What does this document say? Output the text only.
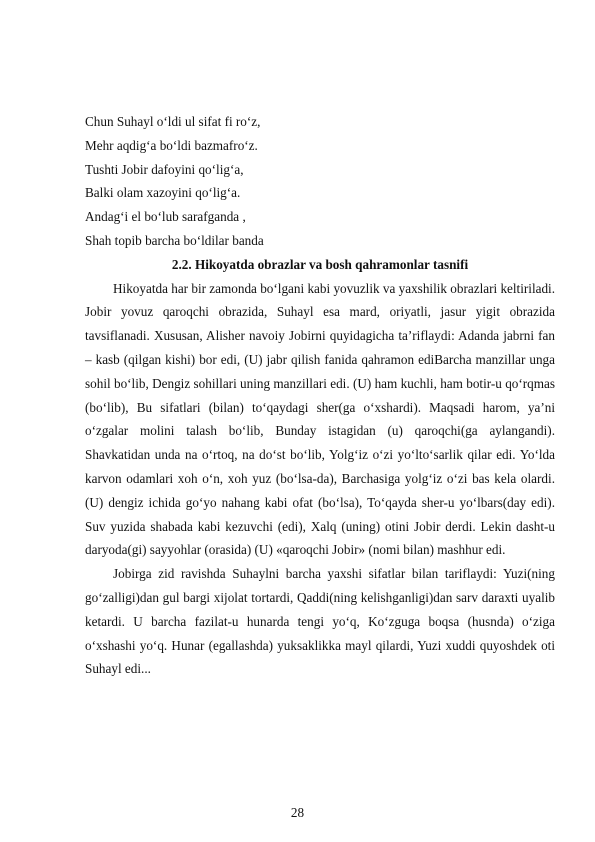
Chun Suhayl o‘ldi ul sifat fi ro‘z,
Mehr aqdig‘a bo‘ldi bazmafro‘z.
Tushti Jobir dafoyini qo‘lig‘a,
Balki olam xazoyini qo‘lig‘a.
Andag‘i el bo‘lub sarafganda ,
Shah topib barcha bo‘ldilar banda
2.2. Hikoyatda obrazlar va bosh qahramonlar tasnifi

Hikoyatda har bir zamonda bo‘lgani kabi yovuzlik va yaxshilik obrazlari keltiriladi. Jobir yovuz qaroqchi obrazida, Suhayl esa mard, oriyatli, jasur yigit obrazida tavsiflanadi. Xususan, Alisher navoiy Jobirni quyidagicha ta’riflaydi: Adanda jabrni fan – kasb (qilgan kishi) bor edi, (U) jabr qilish fanida qahramon ediBarcha manzillar unga sohil bo‘lib, Dengiz sohillari uning manzillari edi. (U) ham kuchli, ham botir-u qo‘rqmas (bo‘lib), Bu sifatlari (bilan) to‘qaydagi sher(ga o‘xshardi). Maqsadi harom, ya’ni o‘zgalar molini talash bo‘lib, Bunday istagidan (u) qaroqchi(ga aylangandi). Shavkatidan unda na o‘rtoq, na do‘st bo‘lib, Yolg‘iz o‘zi yo‘lto‘sarlik qilar edi. Yo‘lda karvon odamlari xoh o‘n, xoh yuz (bo‘lsa-da), Barchasiga yolg‘iz o‘zi bas kela olardi. (U) dengiz ichida go‘yo nahang kabi ofat (bo‘lsa), To‘qayda sher-u yo‘lbars(day edi). Suv yuzida shabada kabi kezuvchi (edi), Xalq (uning) otini Jobir derdi. Lekin dasht-u daryoda(gi) sayyohlar (orasida) (U) «qaroqchi Jobir» (nomi bilan) mashhur edi.

Jobirga zid ravishda Suhaylni barcha yaxshi sifatlar bilan tariflaydi: Yuzi(ning go‘zalligi)dan gul bargi xijolat tortardi, Qaddi(ning kelishganligi)dan sarv daraxti uyalib ketardi. U barcha fazilat-u hunarda tengi yo‘q, Ko‘zguga boqsa (husnda) o‘ziga o‘xshashi yo‘q. Hunar (egallashda) yuksaklikka mayl qilardi, Yuzi xuddi quyoshdek oti Suhayl edi...

28
